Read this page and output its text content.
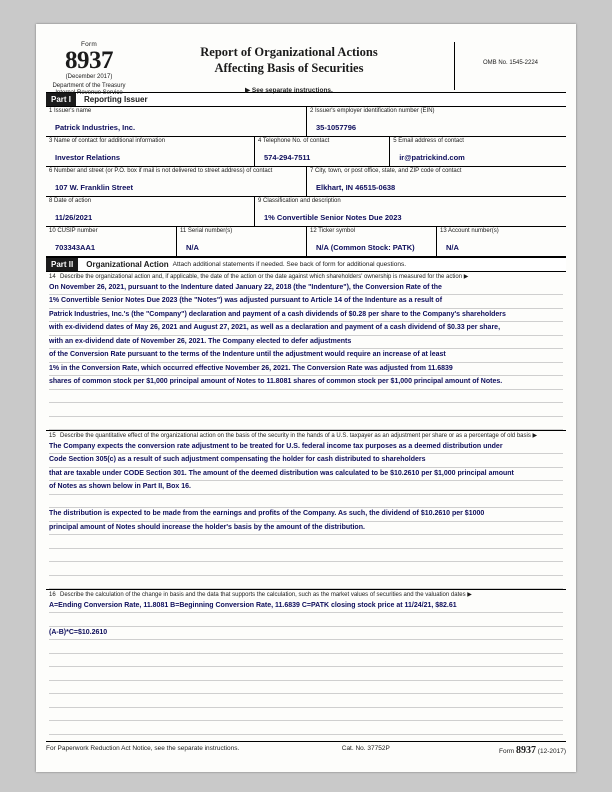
Form
8937
(December 2017)
Department of the Treasury Internal Revenue Service
Report of Organizational Actions
Affecting Basis of Securities
▶ See separate instructions.
OMB No. 1545-2224
Part I	Reporting Issuer
1 Issuer's name
Patrick Industries, Inc.
2 Issuer's employer identification number (EIN)
35-1057796
3 Name of contact for additional information
Investor Relations
4 Telephone No. of contact
574-294-7511
5 Email address of contact
ir@patrickind.com
6 Number and street (or P.O. box if mail is not delivered to street address) of contact
107 W. Franklin Street
7 City, town, or post office, state, and ZIP code of contact
Elkhart, IN 46515-0638
8 Date of action
11/26/2021
9 Classification and description
1% Convertible Senior Notes Due 2023
10 CUSIP number
703343AA1
11 Serial number(s)
N/A
12 Ticker symbol
N/A (Common Stock: PATK)
13 Account number(s)
N/A
Part II	Organizational Action Attach additional statements if needed. See back of form for additional questions.
14 Describe the organizational action and, if applicable, the date of the action or the date against which shareholders' ownership is measured for the action ▶
On November 26, 2021, pursuant to the Indenture dated January 22, 2018 (the "Indenture"), the Conversion Rate of the
1% Convertible Senior Notes Due 2023 (the "Notes") was adjusted pursuant to Article 14 of the Indenture as a result of
Patrick Industries, Inc.'s (the "Company") declaration and payment of a cash dividends of $0.28 per share to the Company's shareholders
with ex-dividend dates of May 26, 2021 and August 27, 2021, as well as a declaration and payment of a cash dividend of $0.33 per share,
with an ex-dividend date of November 26, 2021. The Company elected to defer adjustments
of the Conversion Rate pursuant to the terms of the Indenture until the adjustment would require an increase of at least
1% in the Conversion Rate, which occurred effective November 26, 2021. The Conversion Rate was adjusted from 11.6839
shares of common stock per $1,000 principal amount of Notes to 11.8081 shares of common stock per $1,000 principal amount of Notes.
15 Describe the quantitative effect of the organizational action on the basis of the security in the hands of a U.S. taxpayer as an adjustment per share or as a percentage of old basis ▶
The Company expects the conversion rate adjustment to be treated for U.S. federal income tax purposes as a deemed distribution under
Code Section 305(c) as a result of such adjustment compensating the holder for cash distributed to shareholders
that are taxable under CODE Section 301. The amount of the deemed distribution was calculated to be $10.2610 per $1,000 principal amount
of Notes as shown below in Part II, Box 16.
The distribution is expected to be made from the earnings and profits of the Company. As such, the dividend of $10.2610 per $1000
principal amount of Notes should increase the holder's basis by the amount of the distribution.
16 Describe the calculation of the change in basis and the data that supports the calculation, such as the market values of securities and the valuation dates ▶
A=Ending Conversion Rate, 11.8081 B=Beginning Conversion Rate, 11.6839 C=PATK closing stock price at 11/24/21, $82.61
(A-B)*C=$10.2610
For Paperwork Reduction Act Notice, see the separate instructions.	Cat. No. 37752P	Form 8937 (12-2017)
